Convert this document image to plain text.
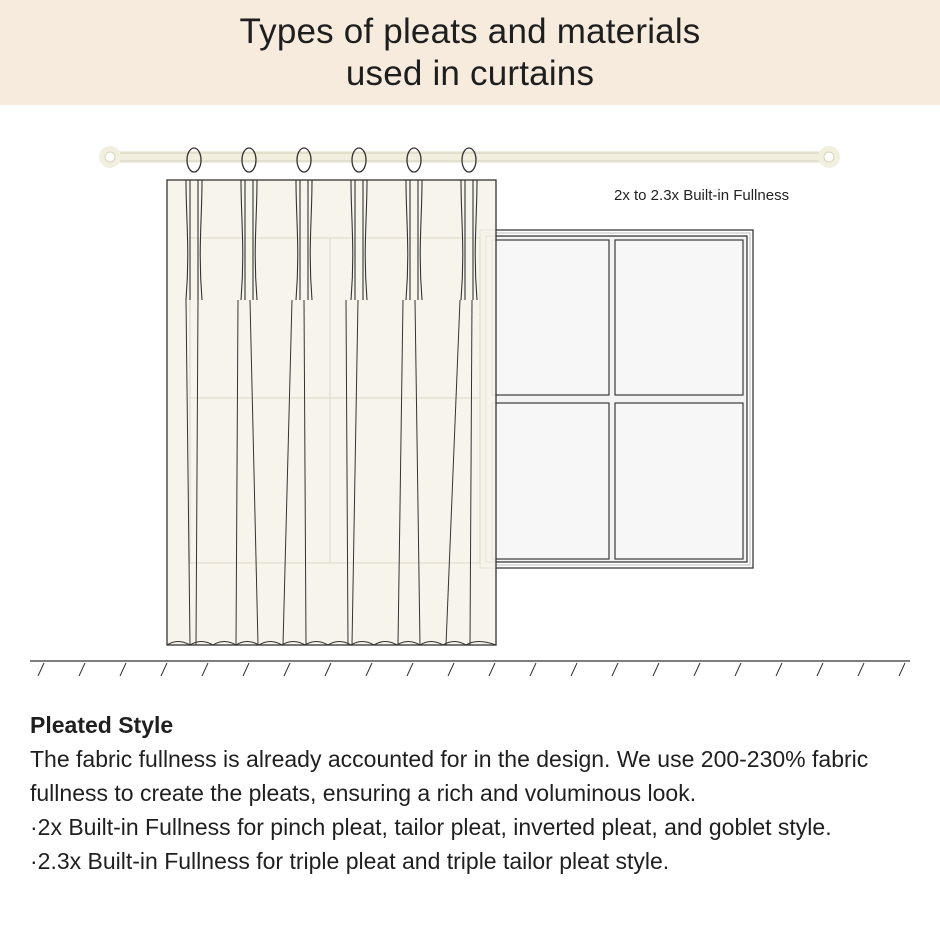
Types of pleats and materials
used in curtains
2x to 2.3x Built-in Fullness

Pleated Style

The fabric fullness is already accounted for in the design. We use 200-230% fabric fullness to create the pleats, ensuring a rich and voluminous look.

·2x Built-in Fullness for pinch pleat, tailor pleat, inverted pleat, and goblet style.

·2.3x Built-in Fullness for triple pleat and triple tailor pleat style.
